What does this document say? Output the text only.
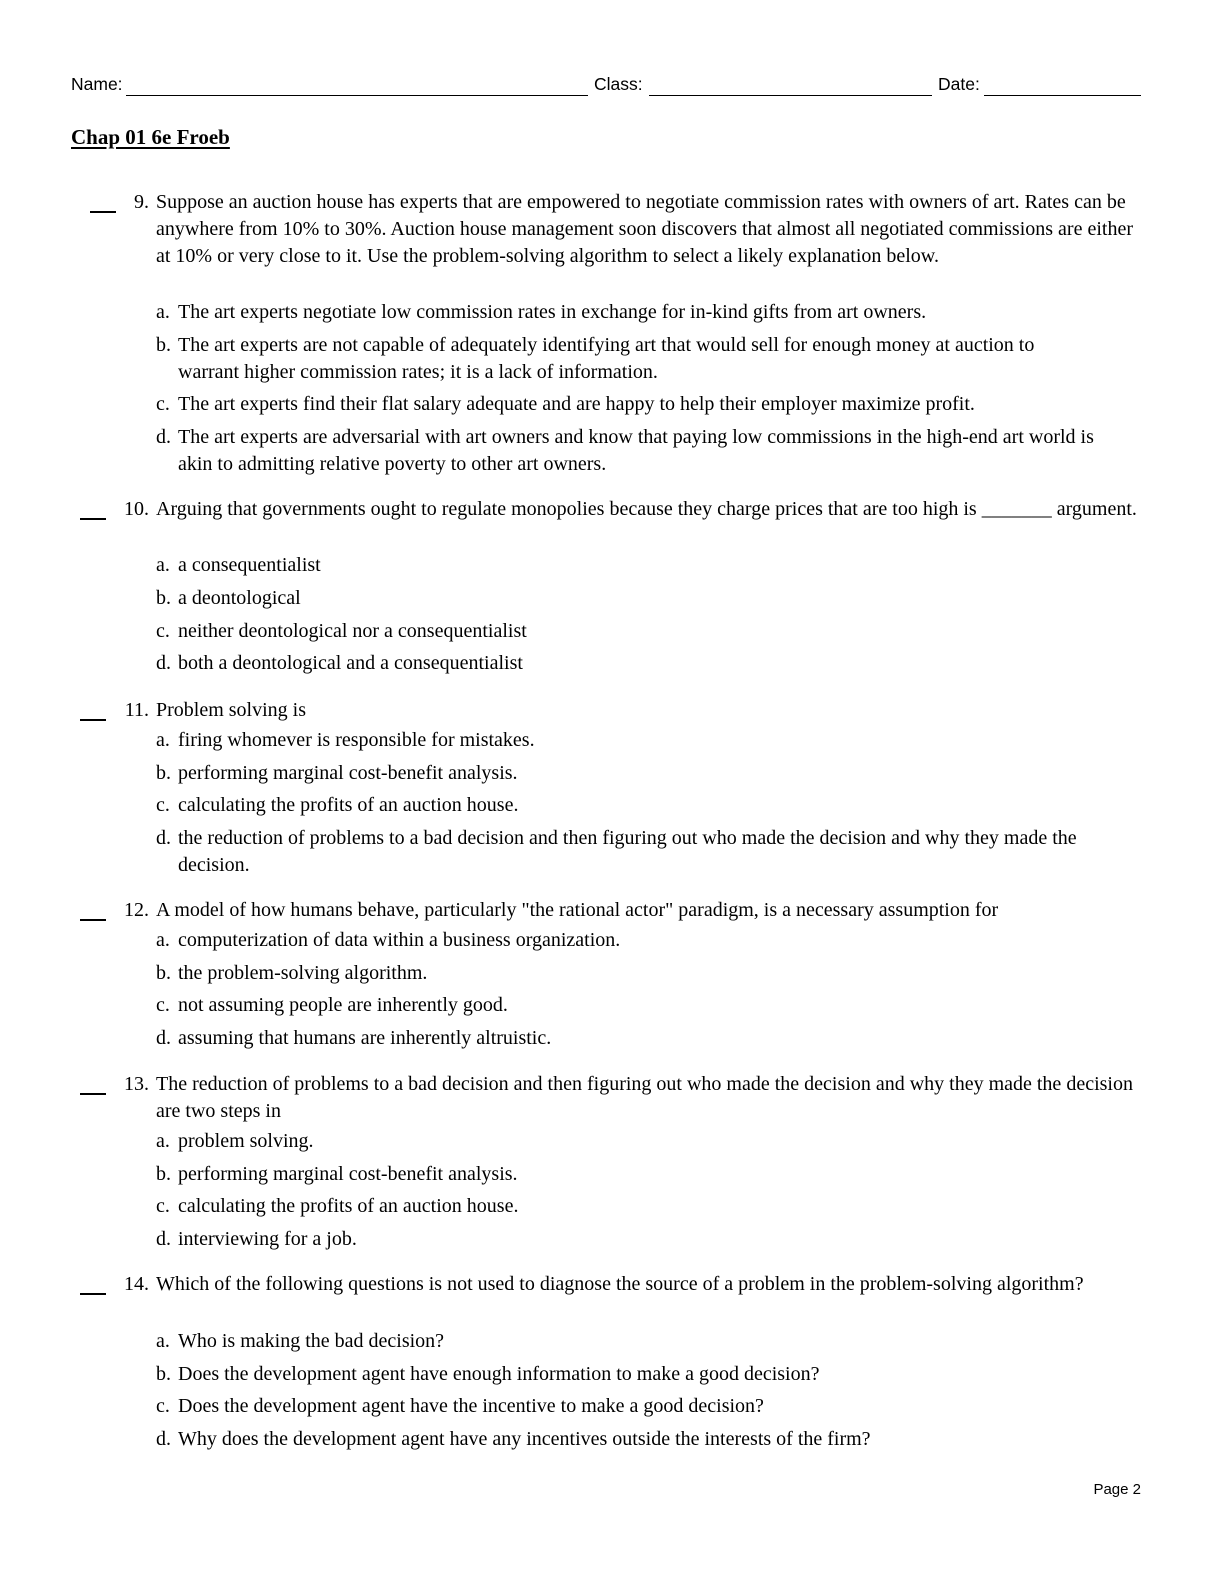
Name:	Class:	Date:
Chap 01 6e Froeb
9. Suppose an auction house has experts that are empowered to negotiate commission rates with owners of art. Rates can be anywhere from 10% to 30%. Auction house management soon discovers that almost all negotiated commissions are either at 10% or very close to it. Use the problem-solving algorithm to select a likely explanation below.
a. The art experts negotiate low commission rates in exchange for in-kind gifts from art owners.
b. The art experts are not capable of adequately identifying art that would sell for enough money at auction to warrant higher commission rates; it is a lack of information.
c. The art experts find their flat salary adequate and are happy to help their employer maximize profit.
d. The art experts are adversarial with art owners and know that paying low commissions in the high-end art world is akin to admitting relative poverty to other art owners.
10. Arguing that governments ought to regulate monopolies because they charge prices that are too high is _______ argument.
a. a consequentialist
b. a deontological
c. neither deontological nor a consequentialist
d. both a deontological and a consequentialist
11. Problem solving is
a. firing whomever is responsible for mistakes.
b. performing marginal cost-benefit analysis.
c. calculating the profits of an auction house.
d. the reduction of problems to a bad decision and then figuring out who made the decision and why they made the decision.
12. A model of how humans behave, particularly "the rational actor" paradigm, is a necessary assumption for
a. computerization of data within a business organization.
b. the problem-solving algorithm.
c. not assuming people are inherently good.
d. assuming that humans are inherently altruistic.
13. The reduction of problems to a bad decision and then figuring out who made the decision and why they made the decision are two steps in
a. problem solving.
b. performing marginal cost-benefit analysis.
c. calculating the profits of an auction house.
d. interviewing for a job.
14. Which of the following questions is not used to diagnose the source of a problem in the problem-solving algorithm?
a. Who is making the bad decision?
b. Does the development agent have enough information to make a good decision?
c. Does the development agent have the incentive to make a good decision?
d. Why does the development agent have any incentives outside the interests of the firm?
Page 2
